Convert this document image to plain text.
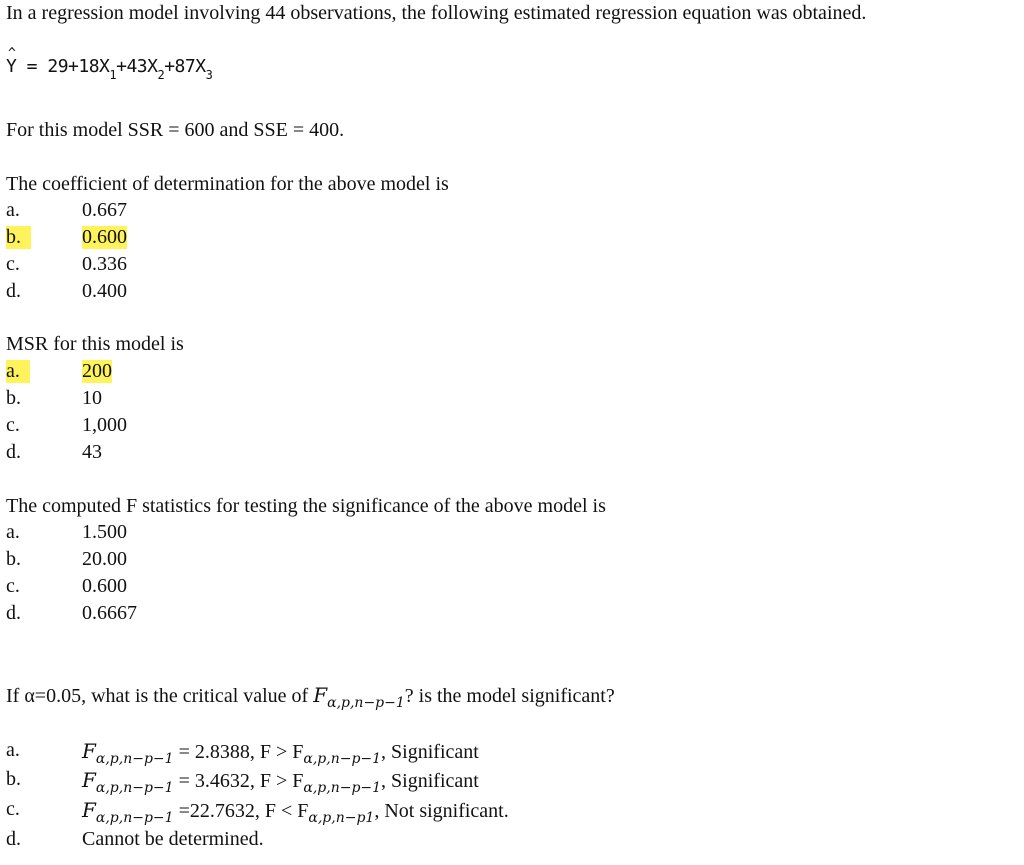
In a regression model involving 44 observations, the following estimated regression equation was obtained.
^ $Y = 29+18X_1+43X_2+87X_3$
For this model SSR = 600 and SSE = 400.
The coefficient of determination for the above model is
a.	0.667
b.	0.600
c.	0.336
d.	0.400
MSR for this model is
a.	200
b.	10
c.	1,000
d.	43
The computed F statistics for testing the significance of the above model is
a.	1.500
b.	20.00
c.	0.600
d.	0.6667
If α=0.05, what is the critical value of $F_{\alpha,p,n-p-1}$? is the model significant?
a.	$F_{\alpha,p,n-p-1} = 2.8388$, $F > F_{\alpha,p,n-p-1}$, Significant
b.	$F_{\alpha,p,n-p-1} = 3.4632$, $F > F_{\alpha,p,n-p-1}$, Significant
c.	$F_{\alpha,p,n-p-1} =22.7632$, $F < F_{\alpha,p,n-p1}$, Not significant.
d.	Cannot be determined.
